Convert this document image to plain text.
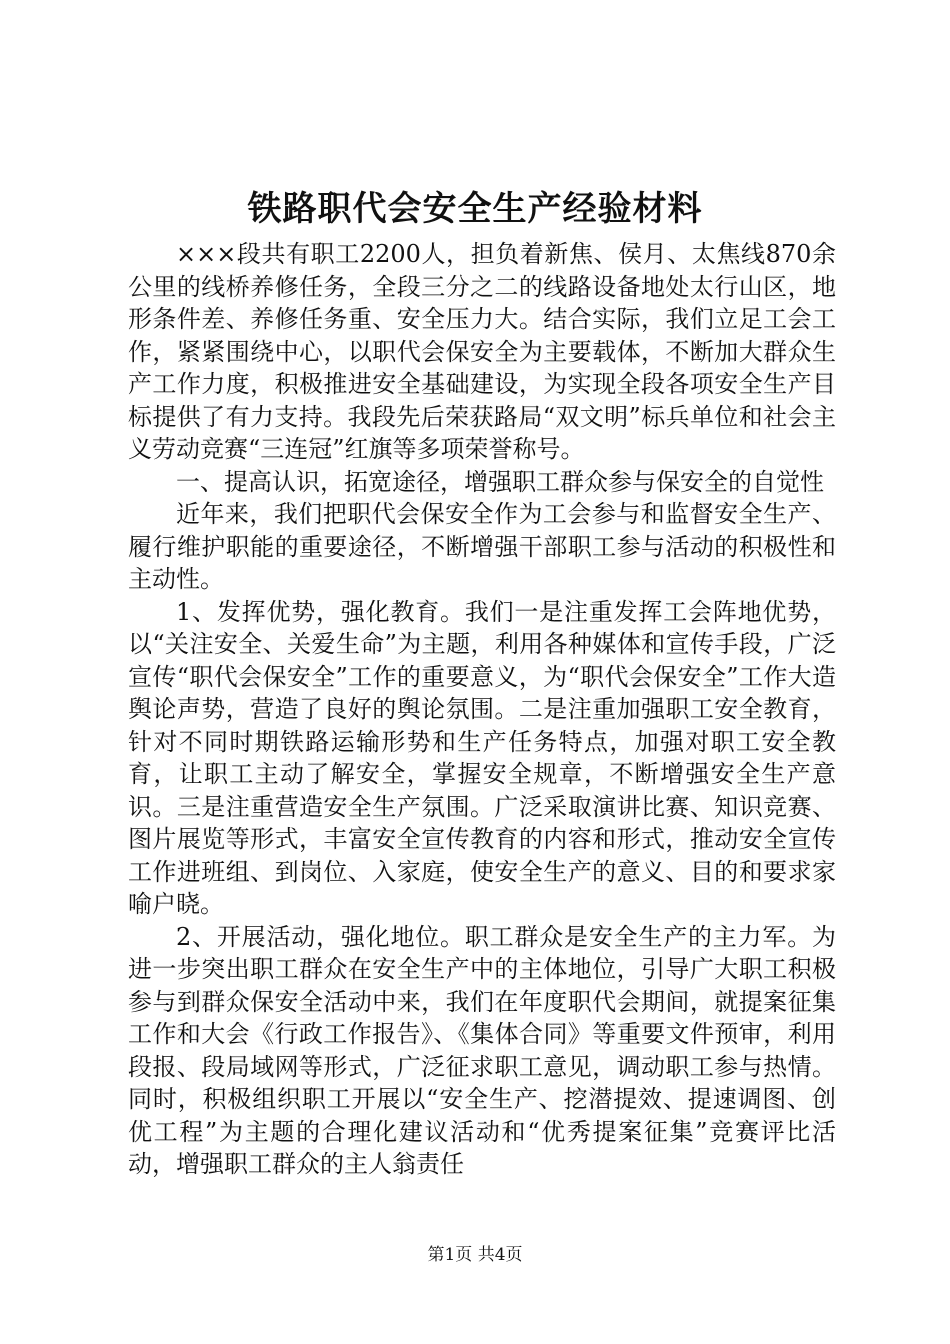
铁路职代会安全生产经验材料

×××段共有职工2200人，担负着新焦、侯月、太焦线870余公里的线桥养修任务，全段三分之二的线路设备地处太行山区，地形条件差、养修任务重、安全压力大。结合实际，我们立足工会工作，紧紧围绕中心，以职代会保安全为主要载体，不断加大群众生产工作力度，积极推进安全基础建设，为实现全段各项安全生产目标提供了有力支持。我段先后荣获路局“双文明”标兵单位和社会主义劳动竞赛“三连冠”红旗等多项荣誉称号。

一、提高认识，拓宽途径，增强职工群众参与保安全的自觉性

近年来，我们把职代会保安全作为工会参与和监督安全生产、履行维护职能的重要途径，不断增强干部职工参与活动的积极性和主动性。

1、发挥优势，强化教育。我们一是注重发挥工会阵地优势，以“关注安全、关爱生命”为主题，利用各种媒体和宣传手段，广泛宣传“职代会保安全”工作的重要意义，为“职代会保安全”工作大造舆论声势，营造了良好的舆论氛围。二是注重加强职工安全教育，针对不同时期铁路运输形势和生产任务特点，加强对职工安全教育，让职工主动了解安全，掌握安全规章，不断增强安全生产意识。三是注重营造安全生产氛围。广泛采取演讲比赛、知识竞赛、图片展览等形式，丰富安全宣传教育的内容和形式，推动安全宣传工作进班组、到岗位、入家庭，使安全生产的意义、目的和要求家喻户晓。

2、开展活动，强化地位。职工群众是安全生产的主力军。为进一步突出职工群众在安全生产中的主体地位，引导广大职工积极参与到群众保安全活动中来，我们在年度职代会期间，就提案征集工作和大会《行政工作报告》、《集体合同》等重要文件预审，利用段报、段局域网等形式，广泛征求职工意见，调动职工参与热情。同时，积极组织职工开展以“安全生产、挖潜提效、提速调图、创优工程”为主题的合理化建议活动和“优秀提案征集”竞赛评比活动，增强职工群众的主人翁责任

第1页 共4页
